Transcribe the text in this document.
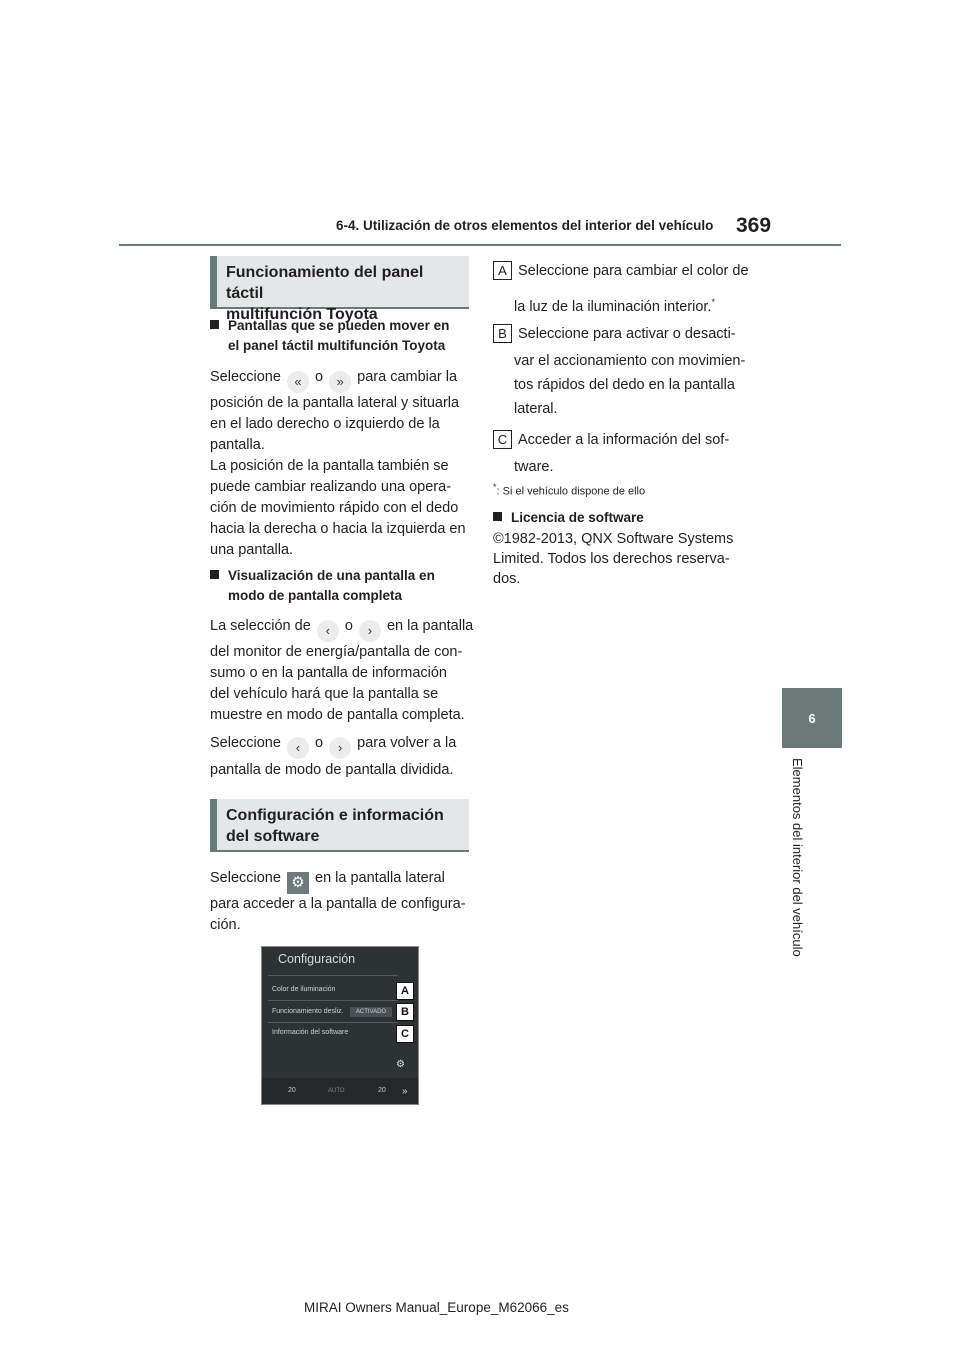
6-4. Utilización de otros elementos del interior del vehículo 369
6
Elementos del interior del vehículo
Funcionamiento del panel táctil
multifunción Toyota
Pantallas que se pueden mover en
el panel táctil multifunción Toyota
Seleccione « o » para cambiar la
posición de la pantalla lateral y situarla
en el lado derecho o izquierdo de la
pantalla.
La posición de la pantalla también se
puede cambiar realizando una opera-
ción de movimiento rápido con el dedo
hacia la derecha o hacia la izquierda en
una pantalla.
Visualización de una pantalla en
modo de pantalla completa
La selección de ‹ o › en la pantalla
del monitor de energía/pantalla de con-
sumo o en la pantalla de información
del vehículo hará que la pantalla se
muestre en modo de pantalla completa.
Seleccione ‹ o › para volver a la
pantalla de modo de pantalla dividida.
Configuración e información
del software
Seleccione ⚙ en la pantalla lateral
para acceder a la pantalla de configura-
ción.
Configuración
Color de iluminación
Funcionamiento desliz.	ACTIVADO
Información del software
A
B
C
⚙
20	AUTO	20 »
A Seleccione para cambiar el color de
la luz de la iluminación interior.*
B Seleccione para activar o desacti-
var el accionamiento con movimien-
tos rápidos del dedo en la pantalla
lateral.
C Acceder a la información del sof-
tware.
*: Si el vehículo dispone de ello
Licencia de software
©1982-2013, QNX Software Systems
Limited. Todos los derechos reserva-
dos.
MIRAI Owners Manual_Europe_M62066_es
